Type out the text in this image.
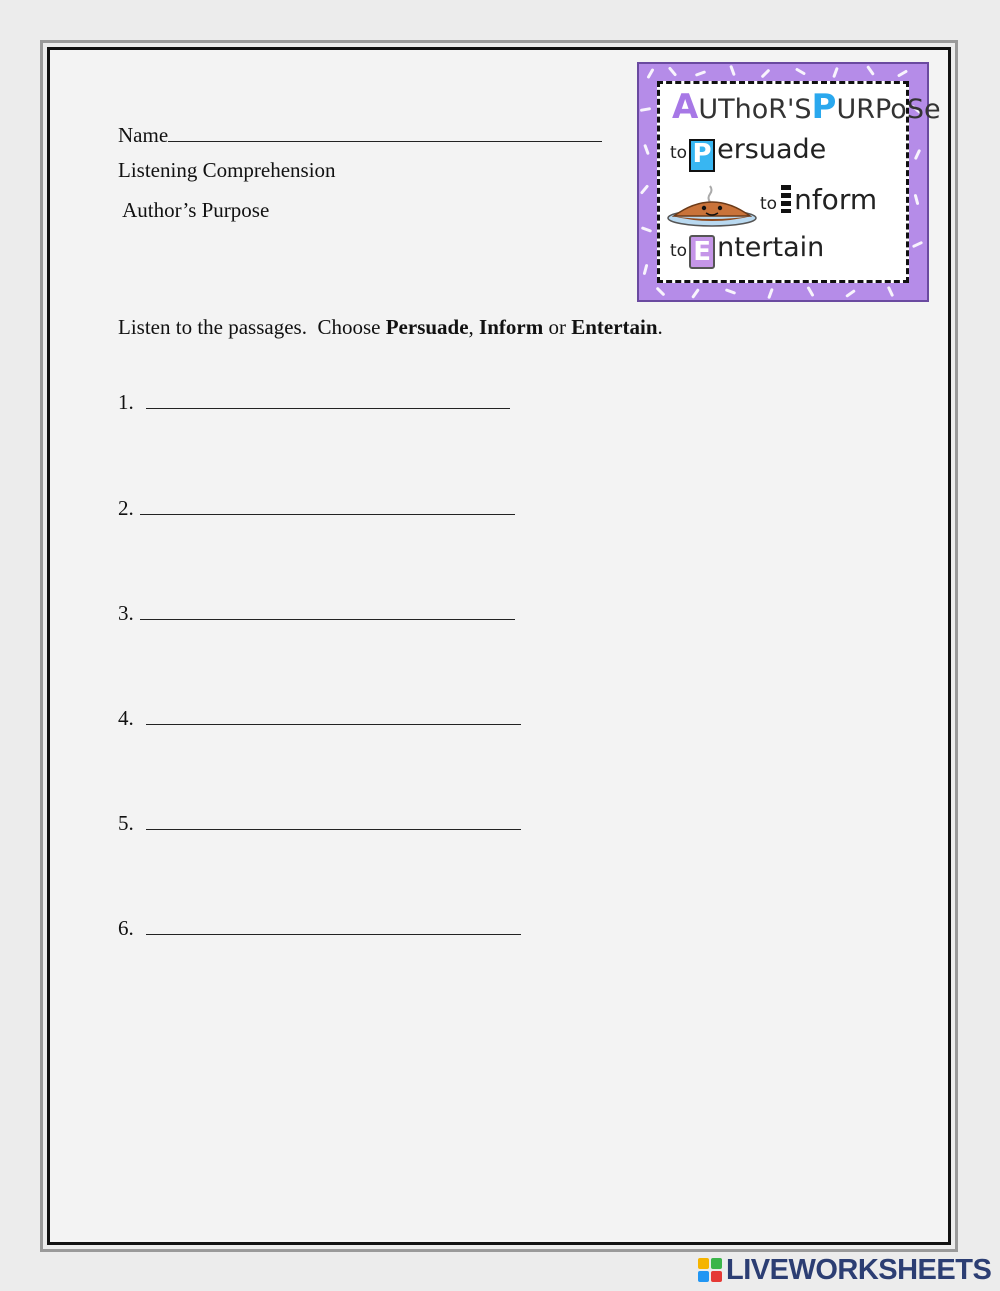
Name
Listening Comprehension
Author’s Purpose
AUThoR'SPURPoSe
to P ersuade
to nform
to E ntertain
Listen to the passages.  Choose Persuade, Inform or Entertain.
1.
2.
3.
4.
5.
6.
LIVEWORKSHEETS
